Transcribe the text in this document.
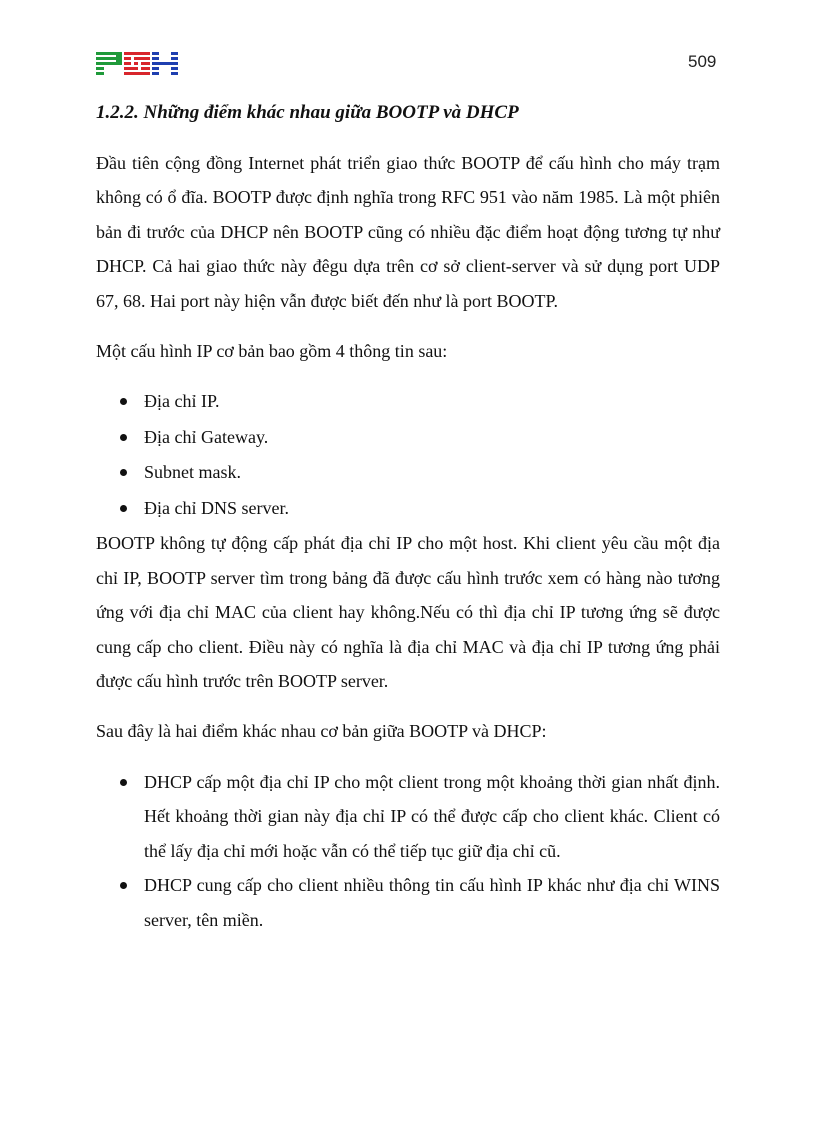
509
1.2.2. Những điểm khác nhau giữa BOOTP và DHCP

Đầu tiên cộng đồng Internet phát triển giao thức BOOTP để cấu hình cho máy trạm không có ổ đĩa. BOOTP được định nghĩa trong RFC 951 vào năm 1985. Là một phiên bản đi trước của DHCP nên BOOTP cũng có nhiều đặc điểm hoạt động tương tự như DHCP. Cả hai giao thức này đêgu dựa trên cơ sở client-server và sử dụng port UDP 67, 68. Hai port này hiện vẫn được biết đến như là port BOOTP.

Một cấu hình IP cơ bản bao gồm 4 thông tin sau:

Địa chỉ IP.
Địa chỉ Gateway.
Subnet mask.
Địa chỉ DNS server.

BOOTP không tự động cấp phát địa chỉ IP cho một host. Khi client yêu cầu một địa chỉ IP, BOOTP server tìm trong bảng đã được cấu hình trước xem có hàng nào tương ứng với địa chỉ MAC của client hay không.Nếu có thì địa chỉ IP tương ứng sẽ được cung cấp cho client. Điều này có nghĩa là địa chỉ MAC và địa chỉ IP tương ứng phải được cấu hình trước trên BOOTP server.

Sau đây là hai điểm khác nhau cơ bản giữa BOOTP và DHCP:

DHCP cấp một địa chỉ IP cho một client trong một khoảng thời gian nhất định. Hết khoảng thời gian này địa chỉ IP có thể được cấp cho client khác. Client có thể lấy địa chỉ mới hoặc vẫn có thể tiếp tục giữ địa chỉ cũ.
DHCP cung cấp cho client nhiều thông tin cấu hình IP khác như địa chỉ WINS server, tên miền.
